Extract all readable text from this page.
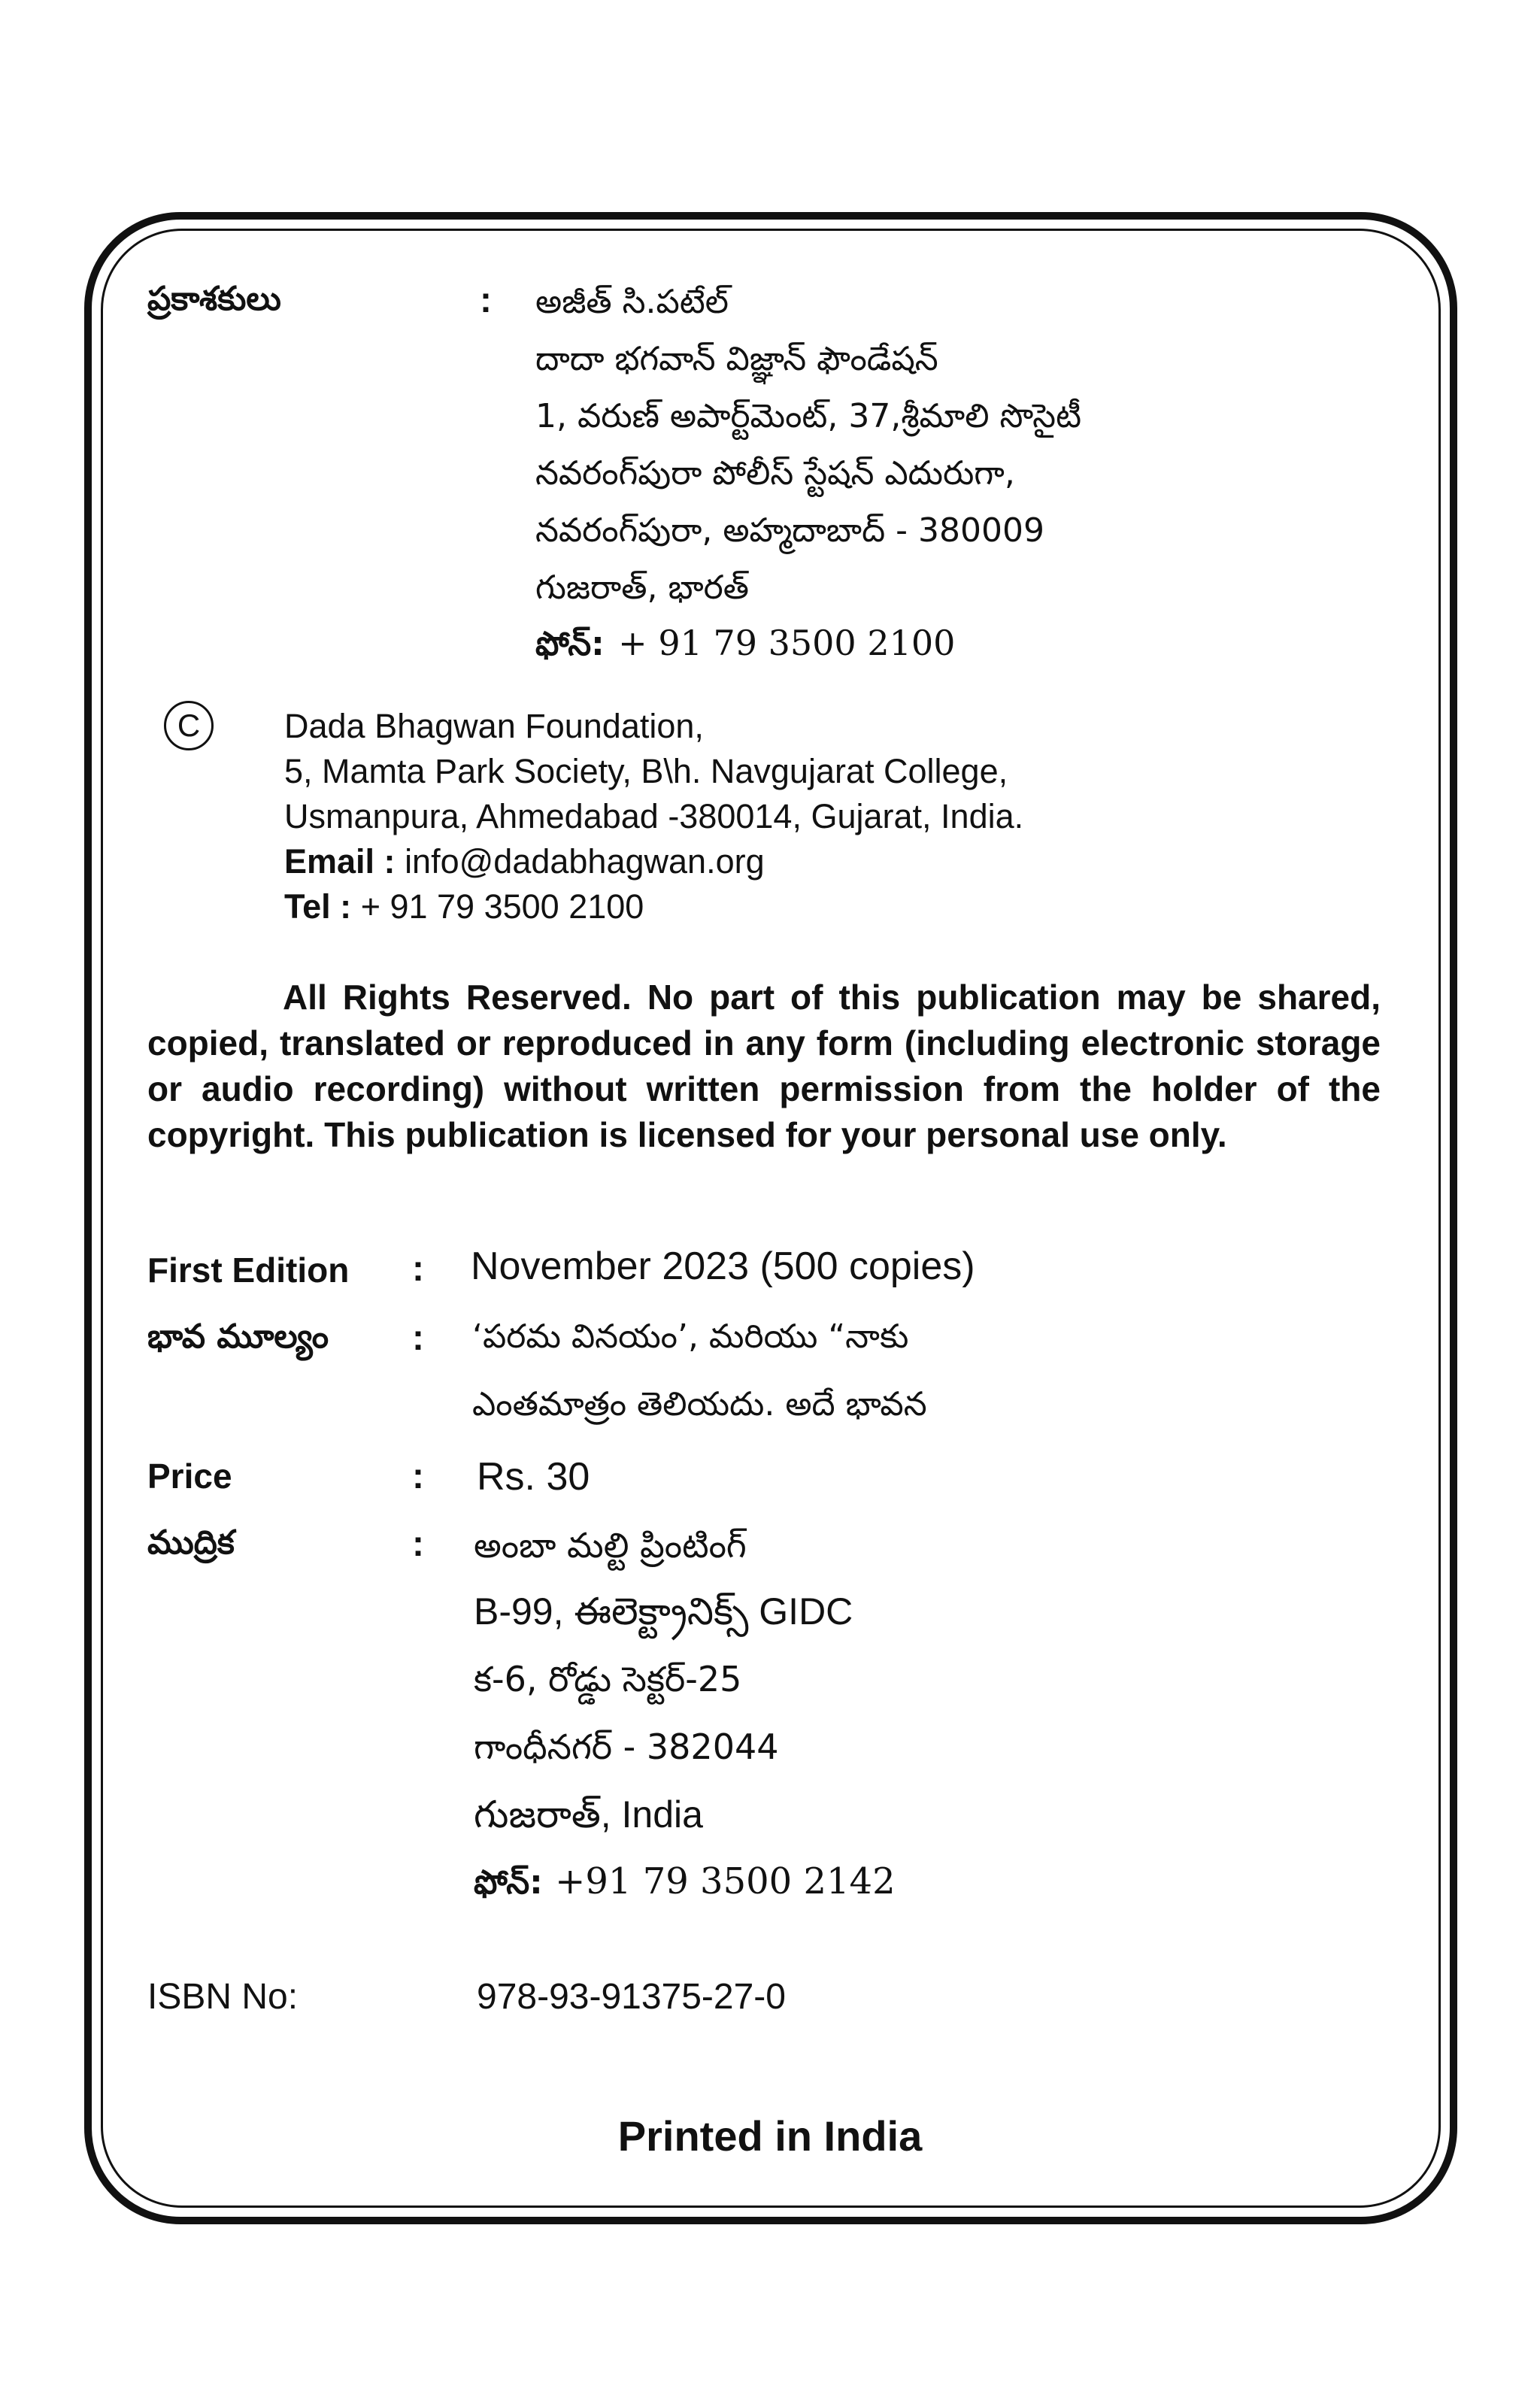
ప్రకాశకులు	: అజీత్ సి.పటేల్
దాదా భగవాన్ విజ్ఞాన్ ఫౌండేషన్
1, వరుణ్ అపార్ట్‌మెంట్, 37,శ్రీమాలి సొసైటీ
నవరంగ్‌పురా పోలీస్ స్టేషన్ ఎదురుగా,
నవరంగ్‌పురా, అహ్మదాబాద్ - 380009
గుజరాత్, భారత్
ఫోన్: + 91 79 3500 2100
C Dada Bhagwan Foundation,
5, Mamta Park Society, B\h. Navgujarat College,
Usmanpura, Ahmedabad -380014, Gujarat, India.
Email : info@dadabhagwan.org
Tel : + 91 79 3500 2100
All Rights Reserved. No part of this publication may be shared, copied, translated or reproduced in any form (including electronic storage or audio recording) without written permission from the holder of the copyright. This publication is licensed for your personal use only.
First Edition : November 2023 (500 copies)
భావ మూల్యం : ‘పరమ వినయం’, మరియు “నాకు
ఎంతమాత్రం తెలియదు. అదే భావన
Price	: Rs. 30
ముద్రిక	: అంబా మల్టి ప్రింటింగ్
B-99, ఈలెక్ట్రానిక్స్ GIDC
క-6, రోడ్డు సెక్టర్-25
గాంధీనగర్ - 382044
గుజరాత్, India
ఫోన్: +91 79 3500 2142
ISBN No:	978-93-91375-27-0
Printed in India
